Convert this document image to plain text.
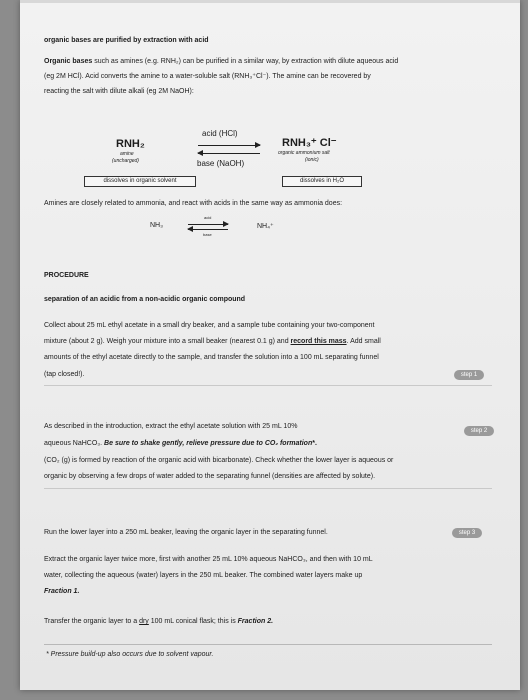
organic bases are purified by extraction with acid
Organic bases such as amines (e.g. RNH₂) can be purified in a similar way, by extraction with dilute aqueous acid
(eg 2M HCl). Acid converts the amine to a water-soluble salt (RNH₃⁺Cl⁻). The amine can be recovered by
reacting the salt with dilute alkali (eg 2M NaOH):
RNH₂
amine
(uncharged)
acid (HCl)
base (NaOH)
RNH₃⁺ Cl⁻
organic ammonium salt
(ionic)
dissolves in organic solvent	dissolves in H₂O
Amines are closely related to ammonia, and react with acids in the same way as ammonia does:
NH₃
acid
base
NH₄⁺
PROCEDURE
separation of an acidic from a non-acidic organic compound
Collect about 25 mL ethyl acetate in a small dry beaker, and a sample tube containing your two-component
mixture (about 2 g). Weigh your mixture into a small beaker (nearest 0.1 g) and record this mass. Add small
amounts of the ethyl acetate directly to the sample, and transfer the solution into a 100 mL separating funnel
(tap closed!).	step 1
As described in the introduction, extract the ethyl acetate solution with 25 mL 10%
step 2
aqueous NaHCO₃. Be sure to shake gently, relieve pressure due to CO₂ formation*.
(CO₂ (g) is formed by reaction of the organic acid with bicarbonate). Check whether the lower layer is aqueous or
organic by observing a few drops of water added to the separating funnel (densities are affected by solute).
Run the lower layer into a 250 mL beaker, leaving the organic layer in the separating funnel.	step 3
Extract the organic layer twice more, first with another 25 mL 10% aqueous NaHCO₃, and then with 10 mL
water, collecting the aqueous (water) layers in the 250 mL beaker. The combined water layers make up
Fraction 1.
Transfer the organic layer to a dry 100 mL conical flask; this is Fraction 2.
* Pressure build-up also occurs due to solvent vapour.
